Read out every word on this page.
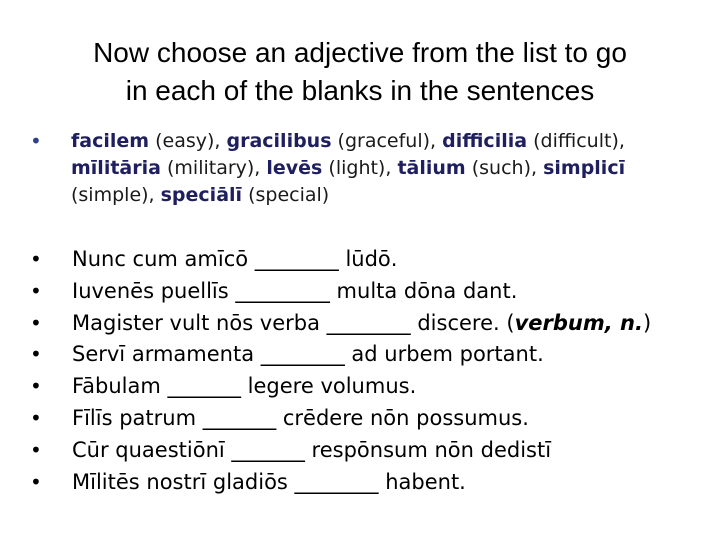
Now choose an adjective from the list to go
in each of the blanks in the sentences
• facilem (easy), gracilibus (graceful), difficilia (difficult), mīlitāria (military), levēs (light), tālium (such), simplicī (simple), speciālī (special)
• Nunc cum amīcō ________ lūdō.
• Iuvenēs puellīs _________ multa dōna dant.
• Magister vult nōs verba ________ discere. (verbum, n.)
• Servī armamenta ________ ad urbem portant.
• Fābulam _______ legere volumus.
• Fīlīs patrum _______ crēdere nōn possumus.
• Cūr quaestiōnī _______ respōnsum nōn dedistī
• Mīlitēs nostrī gladiōs ________ habent.
